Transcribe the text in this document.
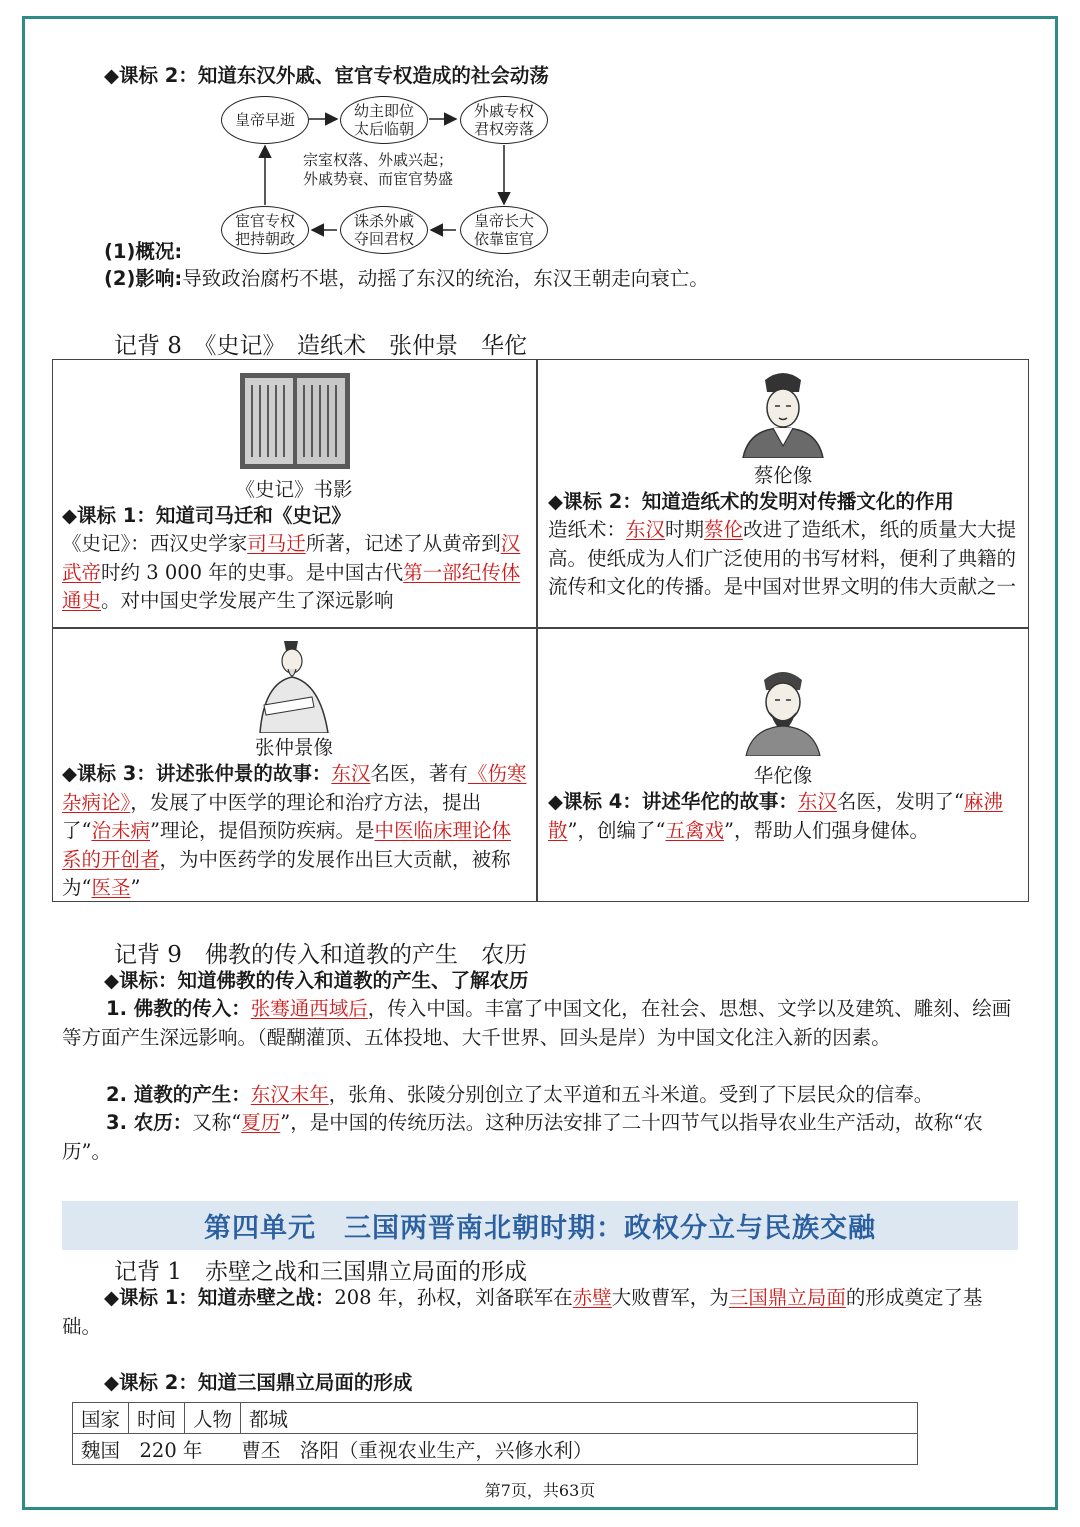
◆课标 2：知道东汉外戚、宦官专权造成的社会动荡
皇帝早逝	幼主即位
太后临朝
外戚专权
君权旁落
皇帝长大
依靠宦官
诛杀外戚
夺回君权
宦官专权
把持朝政
宗室权落、外戚兴起；
外戚势衰、而宦官势盛
(1)概况:
(2)影响:导致政治腐朽不堪，动摇了东汉的统治，东汉王朝走向衰亡。
记背 8　《史记》　造纸术　张仲景　华佗
《史记》书影
◆课标 1：知道司马迁和《史记》
《史记》：西汉史学家司马迁所著，记述了从黄帝到汉武帝时约 3 000 年的史事。是中国古代第一部纪传体通史。对中国史学发展产生了深远影响
蔡伦像
◆课标 2：知道造纸术的发明对传播文化的作用
造纸术：东汉时期蔡伦改进了造纸术，纸的质量大大提高。使纸成为人们广泛使用的书写材料，便利了典籍的流传和文化的传播。是中国对世界文明的伟大贡献之一
张仲景像
◆课标 3：讲述张仲景的故事：东汉名医，著有《伤寒杂病论》，发展了中医学的理论和治疗方法，提出了“治未病”理论，提倡预防疾病。是中医临床理论体系的开创者，为中医药学的发展作出巨大贡献，被称为“医圣”
华佗像
◆课标 4：讲述华佗的故事：东汉名医，发明了“麻沸散”，创编了“五禽戏”，帮助人们强身健体。
记背 9　佛教的传入和道教的产生　农历
◆课标：知道佛教的传入和道教的产生、了解农历
1. 佛教的传入：张骞通西域后，传入中国。丰富了中国文化，在社会、思想、文学以及建筑、雕刻、绘画等方面产生深远影响。（醍醐灌顶、五体投地、大千世界、回头是岸）为中国文化注入新的因素。
2. 道教的产生：东汉末年，张角、张陵分别创立了太平道和五斗米道。受到了下层民众的信奉。
3. 农历：又称“夏历”，是中国的传统历法。这种历法安排了二十四节气以指导农业生产活动，故称“农历”。
第四单元　三国两晋南北朝时期：政权分立与民族交融
记背 1　赤壁之战和三国鼎立局面的形成
◆课标 1：知道赤壁之战：208 年，孙权，刘备联军在赤壁大败曹军，为三国鼎立局面的形成奠定了基础。
◆课标 2：知道三国鼎立局面的形成
国家	时间	人物	都城
魏国　220 年　　曹丕　洛阳（重视农业生产，兴修水利）
第7页，共63页
